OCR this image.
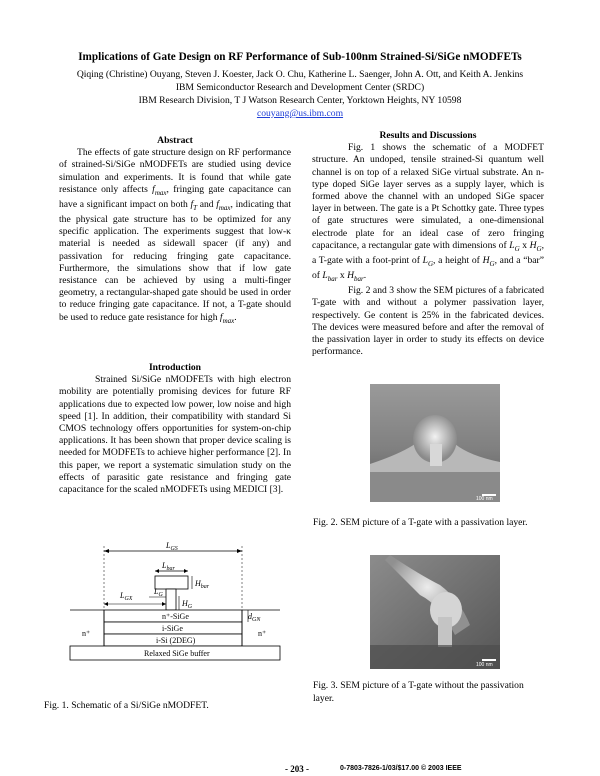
Implications of Gate Design on RF Performance of Sub-100nm Strained-Si/SiGe nMODFETs
Qiqing (Christine) Ouyang, Steven J. Koester, Jack O. Chu, Katherine L. Saenger, John A. Ott, and Keith A. Jenkins
IBM Semiconductor Research and Development Center (SRDC)
IBM Research Division, T J Watson Research Center, Yorktown Heights, NY 10598
couyang@us.ibm.com
Abstract

The effects of gate structure design on RF performance of strained-Si/SiGe nMODFETs are studied using device simulation and experiments. It is found that while gate resistance only affects $f_{max}$, fringing gate capacitance can have a significant impact on both $f_T$ and $f_{max}$, indicating that the physical gate structure has to be optimized for any specific application. The experiments suggest that low-κ material is needed as sidewall spacer (if any) and passivation for reducing fringing gate capacitance. Furthermore, the simulations show that if low gate resistance can be achieved by using a multi-finger geometry, a rectangular-shaped gate should be used in order to reduce fringing gate capacitance. If not, a T-gate should be used to reduce gate resistance for high $f_{max}$.

Introduction

Strained Si/SiGe nMODFETs with high electron mobility are potentially promising devices for future RF applications due to expected low power, low noise and high speed [1]. In addition, their compatibility with standard Si CMOS technology offers opportunities for system-on-chip applications. It has been shown that proper device scaling is needed for MODFETs to achieve higher performance [2]. In this paper, we report a systematic simulation study on the effects of parasitic gate resistance and fringing gate capacitance for the scaled nMODFETs using MEDICI [3].

$L_{GS}$
$L_{bar}$
$H_{bar}$
$L_G$
$L_{GX}$	$H_G$
n⁺-SiGe
i-SiGe
i-Si (2DEG)
Relaxed SiGe buffer
n⁺	n⁺
$d_{GN}$
Fig. 1. Schematic of a Si/SiGe nMODFET.
Results and Discussions

Fig. 1 shows the schematic of a MODFET structure. An undoped, tensile strained-Si quantum well channel is on top of a relaxed SiGe virtual substrate. An n-type doped SiGe layer serves as a supply layer, which is formed above the channel with an undoped SiGe spacer layer in between. The gate is a Pt Schottky gate. Three types of gate structures were simulated, a one-dimensional electrode plate for an ideal case of zero fringing capacitance, a rectangular gate with dimensions of $L_G$ x $H_G$, a T-gate with a foot-print of $L_G$, a height of $H_G$, and a “bar” of $L_{bar}$ x $H_{bar}$.

Fig. 2 and 3 show the SEM pictures of a fabricated T-gate with and without a polymer passivation layer, respectively. Ge content is 25% in the fabricated devices. The devices were measured before and after the removal of the passivation layer in order to study its effects on device performance.

100 nm
Fig. 2. SEM picture of a T-gate with a passivation layer.
100 nm
Fig. 3. SEM picture of a T-gate without the passivation layer.
- 203 -	0-7803-7826-1/03/$17.00 © 2003 IEEE
